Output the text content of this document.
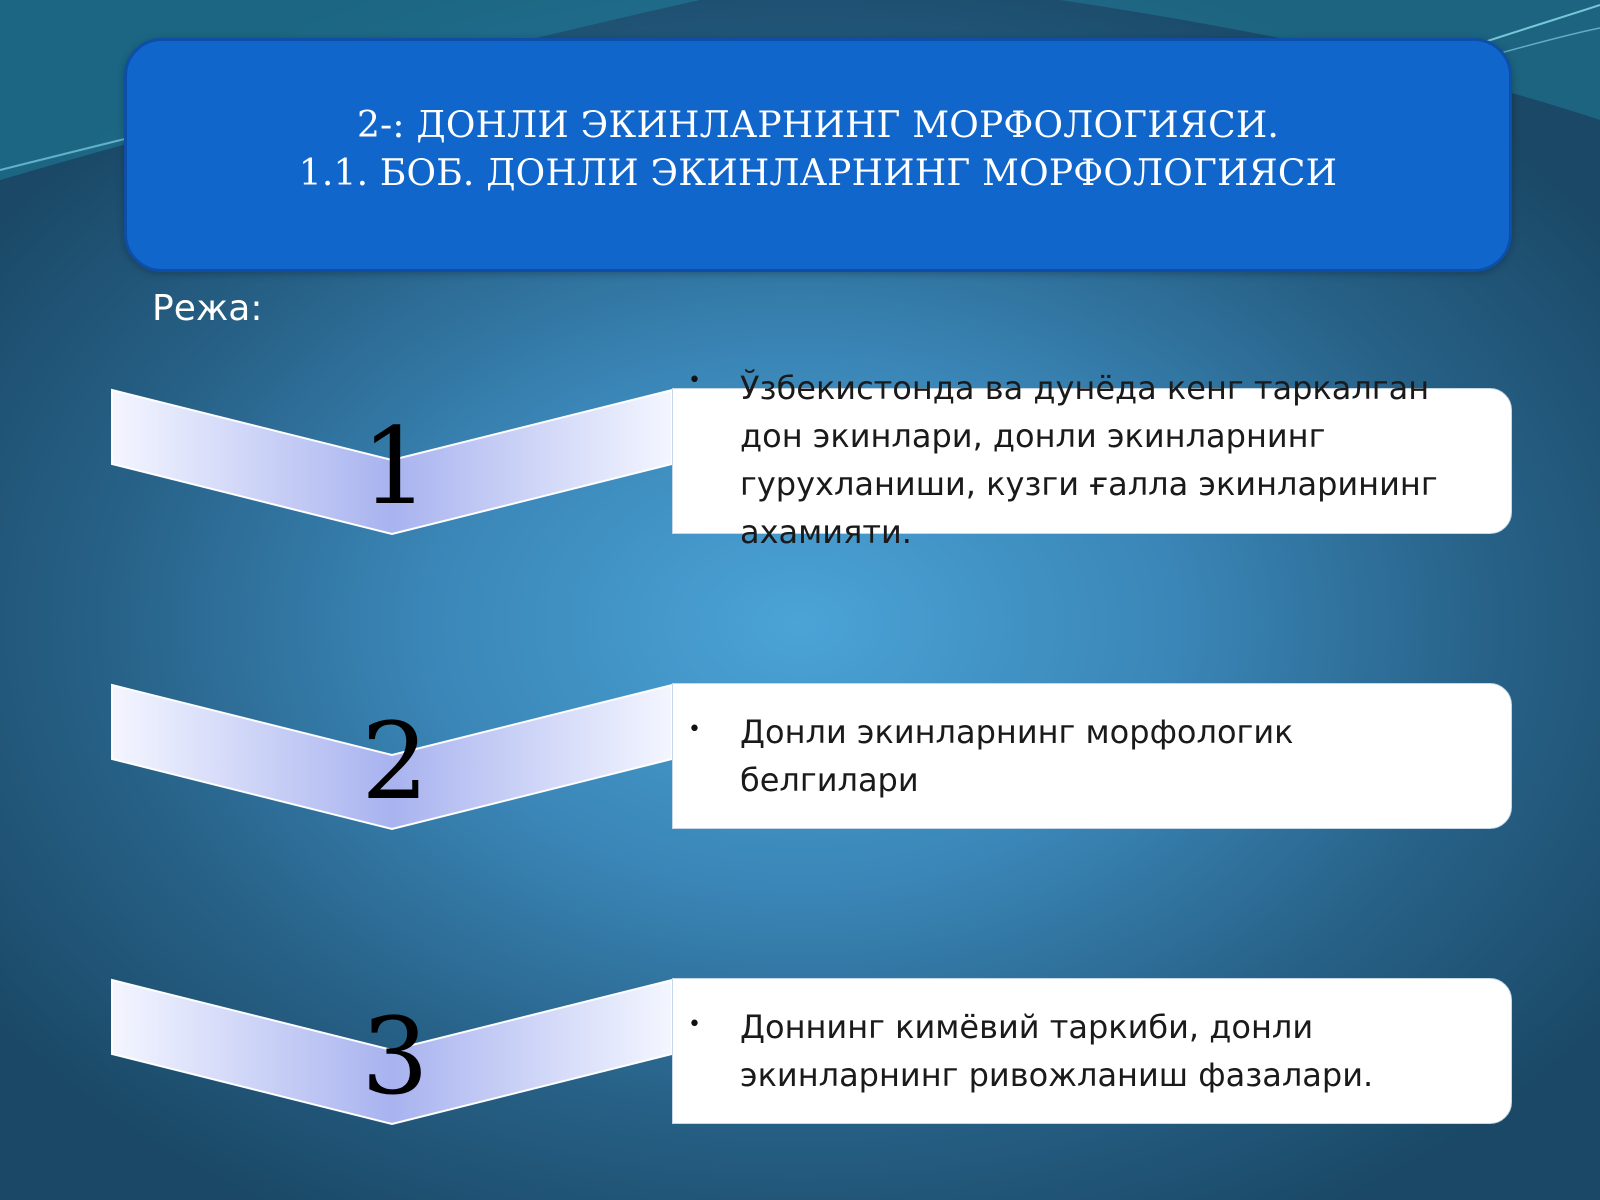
2-: ДОНЛИ ЭКИНЛАРНИНГ МОРФОЛОГИЯСИ.
1.1. БОБ. ДОНЛИ ЭКИНЛАРНИНГ МОРФОЛОГИЯСИ
Режа:
1
• Ўзбекистонда ва дунёда кенг таркалган дон экинлари, донли экинларнинг гурухланиши, кузги ғалла экинларининг ахамияти.
2	• Донли экинларнинг морфологик белгилари
3	• Доннинг кимёвий таркиби, донли экинларнинг ривожланиш фазалари.
